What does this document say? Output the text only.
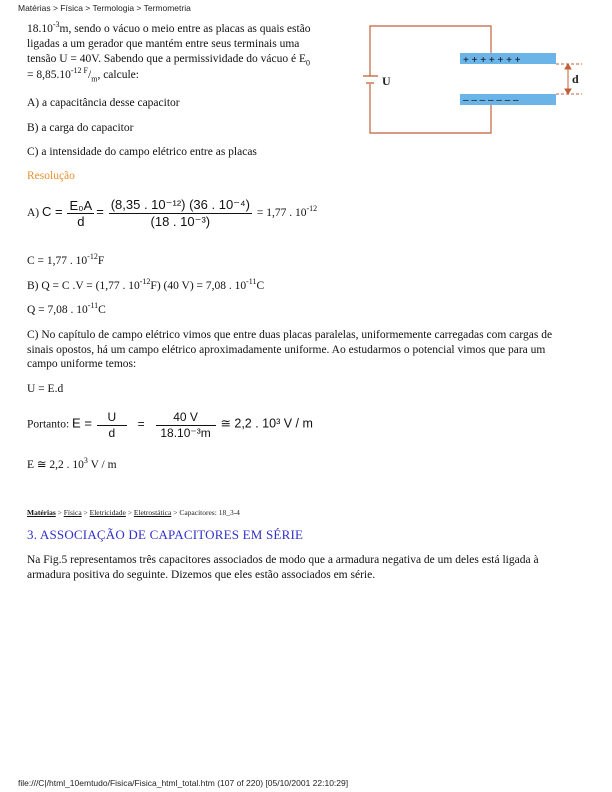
Matérias > Física > Termologia > Termometria

$18.10^{-3}m$, sendo o vácuo o meio entre as placas as quais estão

ligadas a um gerador que mantém entre seus terminais uma

tensão U = 40V. Sabendo que a permissividade do vácuo é $E_0$

= $8,85.10^{-12}$ $^F/_m$, calcule:

A) a capacitância desse capacitor

B) a carga do capacitor

C) a intensidade do campo elétrico entre as placas

Resolução

U
+ + + + + + +
– – – – – – –
d
A) $C = \frac{\text{E₀A}}{d} = \frac{\text{(8,35 . 10⁻¹²) (36 . 10⁻⁴)}}{\text{(18 . 10⁻³)}} = 1,77$ . $10^{-12}$

C = 1,77 . $10^{-12}F$

B) Q = C .V = (1,77 . $10^{-12}F$) (40 V) = 7,08 . $10^{-11}C$

Q = 7,08 . $10^{-11}C$

C) No capítulo de campo elétrico vimos que entre duas placas paralelas, uniformemente carregadas com cargas de sinais opostos, há um campo elétrico aproximadamente uniforme. Ao estudarmos o potencial vimos que para um campo uniforme temos:

U = E.d

Portanto: $E = \frac{U}{d} = \frac{40 V}{\text{18.10⁻³m}}$ ≅ 2,2 . 10³ V / m

E ≅ 2,2 . $10^3$ V / m

Matérias > Física > Eletricidade > Eletrostática > Capacitores: 18_3-4
3. ASSOCIAÇÃO DE CAPACITORES EM SÉRIE

Na Fig.5 representamos três capacitores associados de modo que a armadura negativa de um deles está ligada à armadura positiva do seguinte. Dizemos que eles estão associados em série.

file:///C|/html_10emtudo/Fisica/Fisica_html_total.htm (107 of 220) [05/10/2001 22:10:29]
